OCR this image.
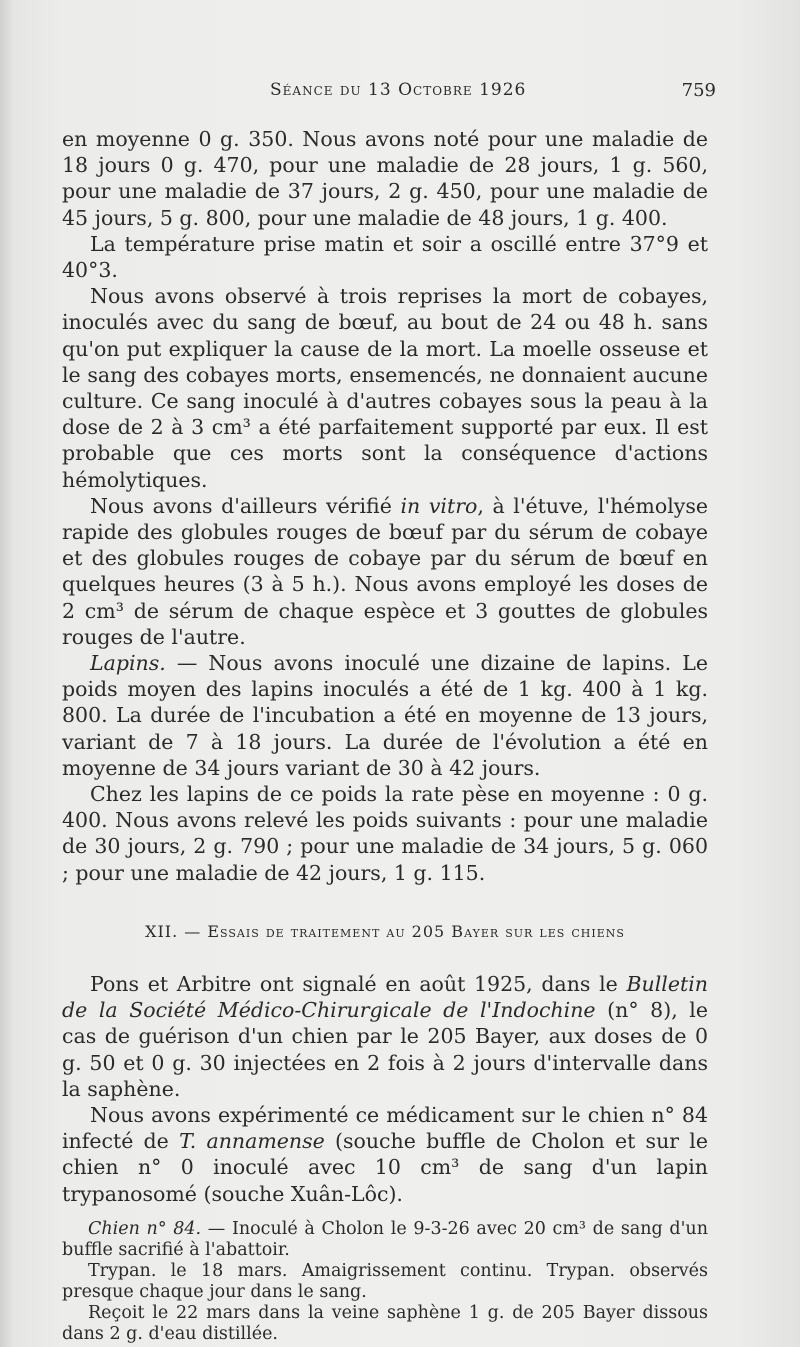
Séance du 13 Octobre 1926	759

en moyenne 0 g. 350. Nous avons noté pour une maladie de 18 jours 0 g. 470, pour une maladie de 28 jours, 1 g. 560, pour une maladie de 37 jours, 2 g. 450, pour une maladie de 45 jours, 5 g. 800, pour une maladie de 48 jours, 1 g. 400.

La température prise matin et soir a oscillé entre 37°9 et 40°3.

Nous avons observé à trois reprises la mort de cobayes, inoculés avec du sang de bœuf, au bout de 24 ou 48 h. sans qu'on put expliquer la cause de la mort. La moelle osseuse et le sang des cobayes morts, ensemencés, ne donnaient aucune culture. Ce sang inoculé à d'autres cobayes sous la peau à la dose de 2 à 3 cm³ a été parfaitement supporté par eux. Il est probable que ces morts sont la conséquence d'actions hémolytiques.

Nous avons d'ailleurs vérifié in vitro, à l'étuve, l'hémolyse rapide des globules rouges de bœuf par du sérum de cobaye et des globules rouges de cobaye par du sérum de bœuf en quelques heures (3 à 5 h.). Nous avons employé les doses de 2 cm³ de sérum de chaque espèce et 3 gouttes de globules rouges de l'autre.

Lapins. — Nous avons inoculé une dizaine de lapins. Le poids moyen des lapins inoculés a été de 1 kg. 400 à 1 kg. 800. La durée de l'incubation a été en moyenne de 13 jours, variant de 7 à 18 jours. La durée de l'évolution a été en moyenne de 34 jours variant de 30 à 42 jours.

Chez les lapins de ce poids la rate pèse en moyenne : 0 g. 400. Nous avons relevé les poids suivants : pour une maladie de 30 jours, 2 g. 790 ; pour une maladie de 34 jours, 5 g. 060 ; pour une maladie de 42 jours, 1 g. 115.

XII. — Essais de traitement au 205 Bayer sur les chiens

Pons et Arbitre ont signalé en août 1925, dans le Bulletin de la Société Médico-Chirurgicale de l'Indochine (n° 8), le cas de guérison d'un chien par le 205 Bayer, aux doses de 0 g. 50 et 0 g. 30 injectées en 2 fois à 2 jours d'intervalle dans la saphène.

Nous avons expérimenté ce médicament sur le chien n° 84 infecté de T. annamense (souche buffle de Cholon et sur le chien n° 0 inoculé avec 10 cm³ de sang d'un lapin trypanosomé (souche Xuân-Lôc).

Chien n° 84. — Inoculé à Cholon le 9-3-26 avec 20 cm³ de sang d'un buffle sacrifié à l'abattoir.

Trypan. le 18 mars. Amaigrissement continu. Trypan. observés presque chaque jour dans le sang.

Reçoit le 22 mars dans la veine saphène 1 g. de 205 Bayer dissous dans 2 g. d'eau distillée.
